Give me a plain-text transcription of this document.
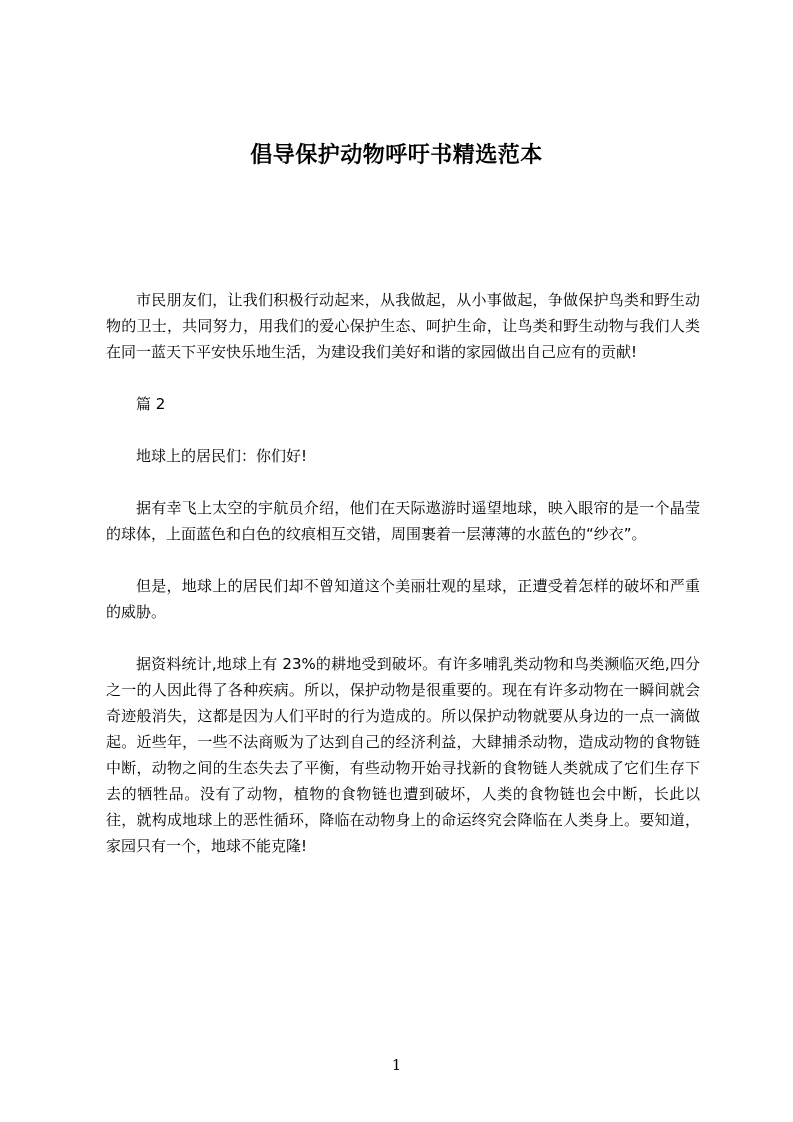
倡导保护动物呼吁书精选范本

市民朋友们，让我们积极行动起来，从我做起，从小事做起，争做保护鸟类和野生动物的卫士，共同努力，用我们的爱心保护生态、呵护生命，让鸟类和野生动物与我们人类在同一蓝天下平安快乐地生活，为建设我们美好和谐的家园做出自己应有的贡献!

篇 2

地球上的居民们：你们好!

据有幸飞上太空的宇航员介绍，他们在天际遨游时遥望地球，映入眼帘的是一个晶莹的球体，上面蓝色和白色的纹痕相互交错，周围裹着一层薄薄的水蓝色的“纱衣”。

但是，地球上的居民们却不曾知道这个美丽壮观的星球，正遭受着怎样的破坏和严重的威胁。

据资料统计,地球上有 23%的耕地受到破坏。有许多哺乳类动物和鸟类濒临灭绝,四分之一的人因此得了各种疾病。所以，保护动物是很重要的。现在有许多动物在一瞬间就会奇迹般消失，这都是因为人们平时的行为造成的。所以保护动物就要从身边的一点一滴做起。近些年，一些不法商贩为了达到自己的经济利益，大肆捕杀动物，造成动物的食物链中断，动物之间的生态失去了平衡，有些动物开始寻找新的食物链人类就成了它们生存下去的牺牲品。没有了动物，植物的食物链也遭到破坏，人类的食物链也会中断，长此以往，就构成地球上的恶性循环，降临在动物身上的命运终究会降临在人类身上。要知道，家园只有一个，地球不能克隆!

1
